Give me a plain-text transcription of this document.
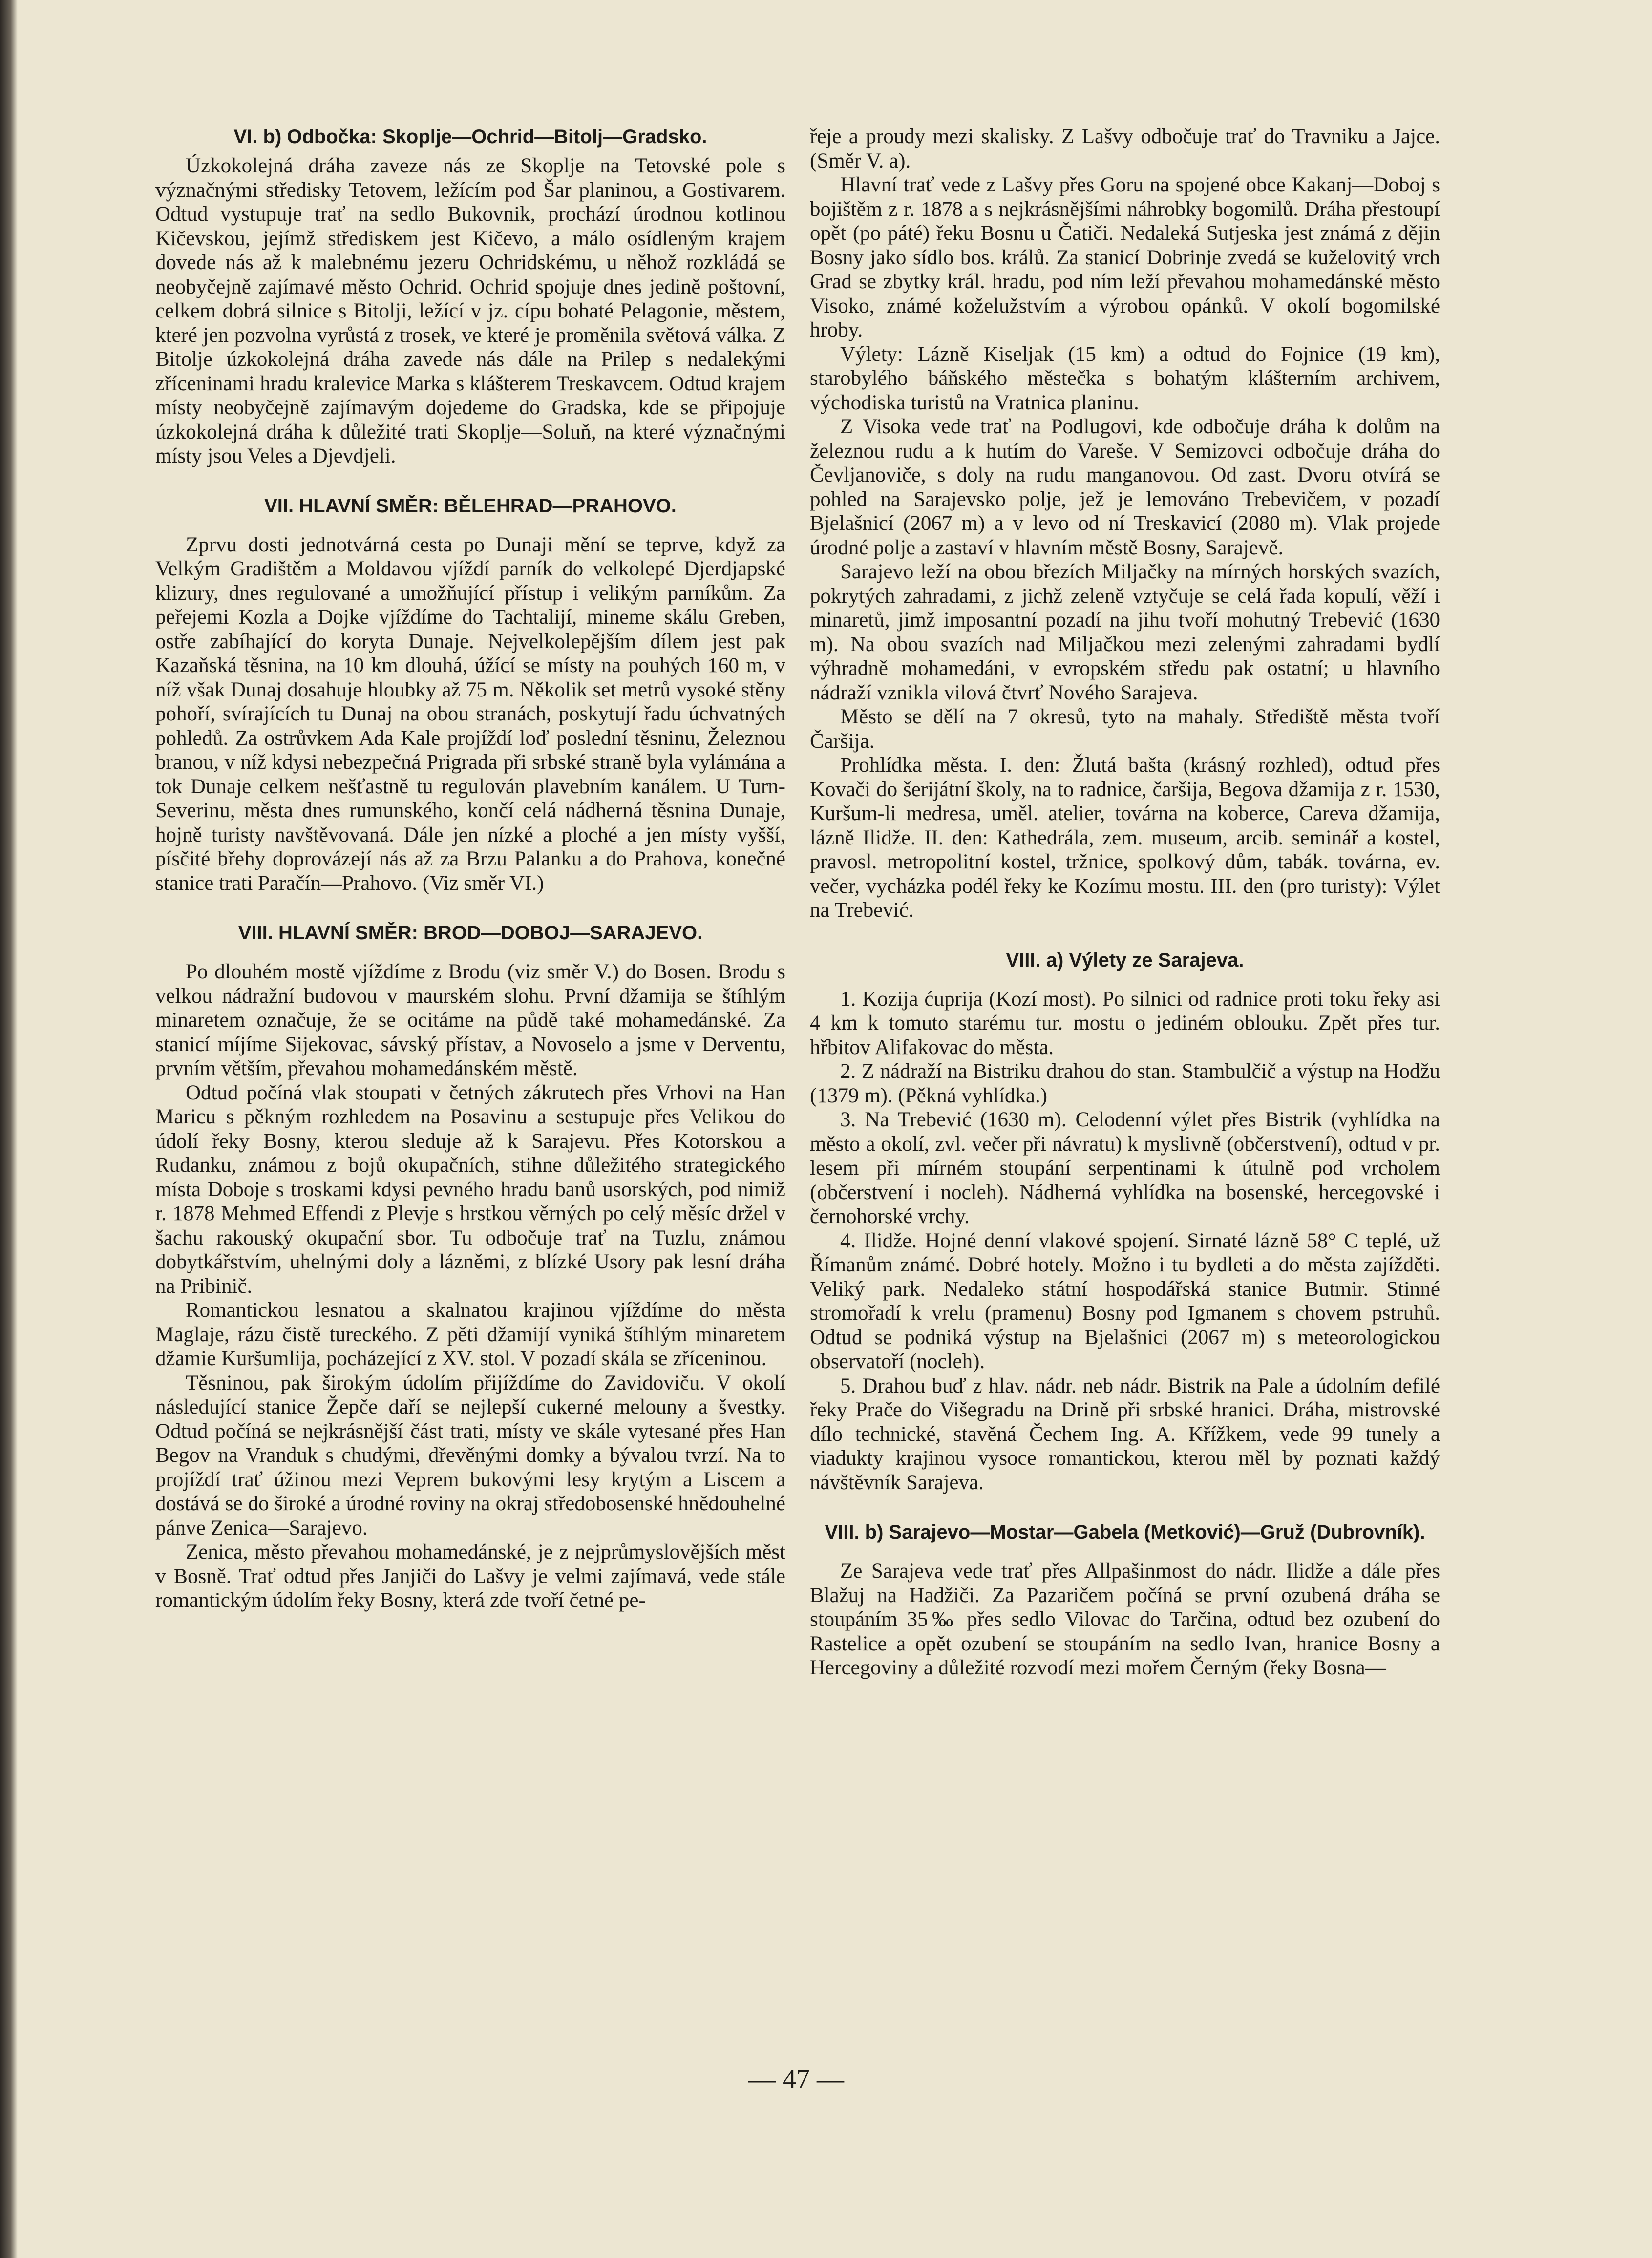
VI. b) Odbočka: Skoplje—Ochrid—Bitolj—Gradsko.

Úzkokolejná dráha zaveze nás ze Skoplje na Tetovské pole s význačnými středisky Tetovem, ležícím pod Šar planinou, a Gostivarem. Odtud vystupuje trať na sedlo Bukovnik, prochází úrodnou kotlinou Kičevskou, jejímž střediskem jest Kičevo, a málo osídleným krajem dovede nás až k malebnému jezeru Ochridskému, u něhož rozkládá se neobyčejně zajímavé město Ochrid. Ochrid spojuje dnes jedině poštovní, celkem dobrá silnice s Bitolji, ležící v jz. cípu bohaté Pelagonie, městem, které jen pozvolna vyrůstá z trosek, ve které je proměnila světová válka. Z Bitolje úzkokolejná dráha zavede nás dále na Prilep s nedalekými zříceninami hradu kralevice Marka s klášterem Treskavcem. Odtud krajem místy neobyčejně zajímavým dojedeme do Gradska, kde se připojuje úzkokolejná dráha k důležité trati Skoplje—Soluň, na které význačnými místy jsou Veles a Djevdjeli.

VII. HLAVNÍ SMĚR: BĚLEHRAD—PRAHOVO.

Zprvu dosti jednotvárná cesta po Dunaji mění se teprve, když za Velkým Gradištěm a Moldavou vjíždí parník do velkolepé Djerdjapské klizury, dnes regulované a umožňující přístup i velikým parníkům. Za peřejemi Kozla a Dojke vjíždíme do Tachtalijí, mineme skálu Greben, ostře zabíhající do koryta Dunaje. Nejvelkolepějším dílem jest pak Kazaňská těsnina, na 10 km dlouhá, úžící se místy na pouhých 160 m, v níž však Dunaj dosahuje hloubky až 75 m. Několik set metrů vysoké stěny pohoří, svírajících tu Dunaj na obou stranách, poskytují řadu úchvatných pohledů. Za ostrůvkem Ada Kale projíždí loď poslední těsninu, Železnou branou, v níž kdysi nebezpečná Prigrada při srbské straně byla vylámána a tok Dunaje celkem nešťastně tu regulován plavebním kanálem. U Turn-Severinu, města dnes rumunského, končí celá nádherná těsnina Dunaje, hojně turisty navštěvovaná. Dále jen nízké a ploché a jen místy vyšší, písčité břehy doprovázejí nás až za Brzu Palanku a do Prahova, konečné stanice trati Paračín—Prahovo. (Viz směr VI.)

VIII. HLAVNÍ SMĚR: BROD—DOBOJ—SARAJEVO.

Po dlouhém mostě vjíždíme z Brodu (viz směr V.) do Bosen. Brodu s velkou nádražní budovou v maurském slohu. První džamija se štíhlým minaretem označuje, že se ocitáme na půdě také mohamedánské. Za stanicí míjíme Sijekovac, sávský přístav, a Novoselo a jsme v Derventu, prvním větším, převahou mohamedánském městě.

Odtud počíná vlak stoupati v četných zákrutech přes Vrhovi na Han Maricu s pěkným rozhledem na Posavinu a sestupuje přes Velikou do údolí řeky Bosny, kterou sleduje až k Sarajevu. Přes Kotorskou a Rudanku, známou z bojů okupačních, stihne důležitého strategického místa Doboje s troskami kdysi pevného hradu banů usorských, pod nimiž r. 1878 Mehmed Effendi z Plevje s hrstkou věrných po celý měsíc držel v šachu rakouský okupační sbor. Tu odbočuje trať na Tuzlu, známou dobytkářstvím, uhelnými doly a lázněmi, z blízké Usory pak lesní dráha na Pribinič.

Romantickou lesnatou a skalnatou krajinou vjíždíme do města Maglaje, rázu čistě tureckého. Z pěti džamijí vyniká štíhlým minaretem džamie Kuršumlija, pocházející z XV. stol. V pozadí skála se zříceninou.

Těsninou, pak širokým údolím přijíždíme do Zavidoviču. V okolí následující stanice Žepče daří se nejlepší cukerné melouny a švestky. Odtud počíná se nejkrásnější část trati, místy ve skále vytesané přes Han Begov na Vranduk s chudými, dřevěnými domky a bývalou tvrzí. Na to projíždí trať úžinou mezi Veprem bukovými lesy krytým a Liscem a dostává se do široké a úrodné roviny na okraj středobosenské hnědouhelné pánve Zenica—Sarajevo.

Zenica, město převahou mohamedánské, je z nejprůmyslovějších měst v Bosně. Trať odtud přes Janjiči do Lašvy je velmi zajímavá, vede stále romantickým údolím řeky Bosny, která zde tvoří četné pe-

řeje a proudy mezi skalisky. Z Lašvy odbočuje trať do Travniku a Jajce. (Směr V. a).

Hlavní trať vede z Lašvy přes Goru na spojené obce Kakanj—Doboj s bojištěm z r. 1878 a s nejkrásnějšími náhrobky bogomilů. Dráha přestoupí opět (po páté) řeku Bosnu u Čatiči. Nedaleká Sutjeska jest známá z dějin Bosny jako sídlo bos. králů. Za stanicí Dobrinje zvedá se kuželovitý vrch Grad se zbytky král. hradu, pod ním leží převahou mohamedánské město Visoko, známé koželužstvím a výrobou opánků. V okolí bogomilské hroby.

Výlety: Lázně Kiseljak (15 km) a odtud do Fojnice (19 km), starobylého báňského městečka s bohatým klášterním archivem, východiska turistů na Vratnica planinu.

Z Visoka vede trať na Podlugovi, kde odbočuje dráha k dolům na železnou rudu a k hutím do Vareše. V Semizovci odbočuje dráha do Čevljanoviče, s doly na rudu manganovou. Od zast. Dvoru otvírá se pohled na Sarajevsko polje, jež je lemováno Trebevičem, v pozadí Bjelašnicí (2067 m) a v levo od ní Treskavicí (2080 m). Vlak projede úrodné polje a zastaví v hlavním městě Bosny, Sarajevě.

Sarajevo leží na obou březích Miljačky na mírných horských svazích, pokrytých zahradami, z jichž zeleně vztyčuje se celá řada kopulí, věží i minaretů, jimž imposantní pozadí na jihu tvoří mohutný Trebević (1630 m). Na obou svazích nad Miljačkou mezi zelenými zahradami bydlí výhradně mohamedáni, v evropském středu pak ostatní; u hlavního nádraží vznikla vilová čtvrť Nového Sarajeva.

Město se dělí na 7 okresů, tyto na mahaly. Střediště města tvoří Čaršija.

Prohlídka města. I. den: Žlutá bašta (krásný rozhled), odtud přes Kovači do šerijátní školy, na to radnice, čaršija, Begova džamija z r. 1530, Kuršum-li medresa, uměl. atelier, továrna na koberce, Careva džamija, lázně Ilidže. II. den: Kathedrála, zem. museum, arcib. seminář a kostel, pravosl. metropolitní kostel, tržnice, spolkový dům, tabák. továrna, ev. večer, vycházka podél řeky ke Kozímu mostu. III. den (pro turisty): Výlet na Trebević.

VIII. a) Výlety ze Sarajeva.

1. Kozija ćuprija (Kozí most). Po silnici od radnice proti toku řeky asi 4 km k tomuto starému tur. mostu o jediném oblouku. Zpět přes tur. hřbitov Alifakovac do města.

2. Z nádraží na Bistriku drahou do stan. Stambulčič a výstup na Hodžu (1379 m). (Pěkná vyhlídka.)

3. Na Trebević (1630 m). Celodenní výlet přes Bistrik (vyhlídka na město a okolí, zvl. večer při návratu) k myslivně (občerstvení), odtud v pr. lesem při mírném stoupání serpentinami k útulně pod vrcholem (občerstvení i nocleh). Nádherná vyhlídka na bosenské, hercegovské i černohorské vrchy.

4. Ilidže. Hojné denní vlakové spojení. Sirnaté lázně 58° C teplé, už Římanům známé. Dobré hotely. Možno i tu bydleti a do města zajížděti. Veliký park. Nedaleko státní hospodářská stanice Butmir. Stinné stromořadí k vrelu (pramenu) Bosny pod Igmanem s chovem pstruhů. Odtud se podniká výstup na Bjelašnici (2067 m) s meteorologickou observatoří (nocleh).

5. Drahou buď z hlav. nádr. neb nádr. Bistrik na Pale a údolním defilé řeky Prače do Višegradu na Drině při srbské hranici. Dráha, mistrovské dílo technické, stavěná Čechem Ing. A. Křížkem, vede 99 tunely a viadukty krajinou vysoce romantickou, kterou měl by poznati každý návštěvník Sarajeva.

VIII. b) Sarajevo—Mostar—Gabela (Metković)—Gruž (Dubrovník).

Ze Sarajeva vede trať přes Allpašinmost do nádr. Ilidže a dále přes Blažuj na Hadžiči. Za Pazaričem počíná se první ozubená dráha se stoupáním 35‰ přes sedlo Vilovac do Tarčina, odtud bez ozubení do Rastelice a opět ozubení se stoupáním na sedlo Ivan, hranice Bosny a Hercegoviny a důležité rozvodí mezi mořem Černým (řeky Bosna—

— 47 —
